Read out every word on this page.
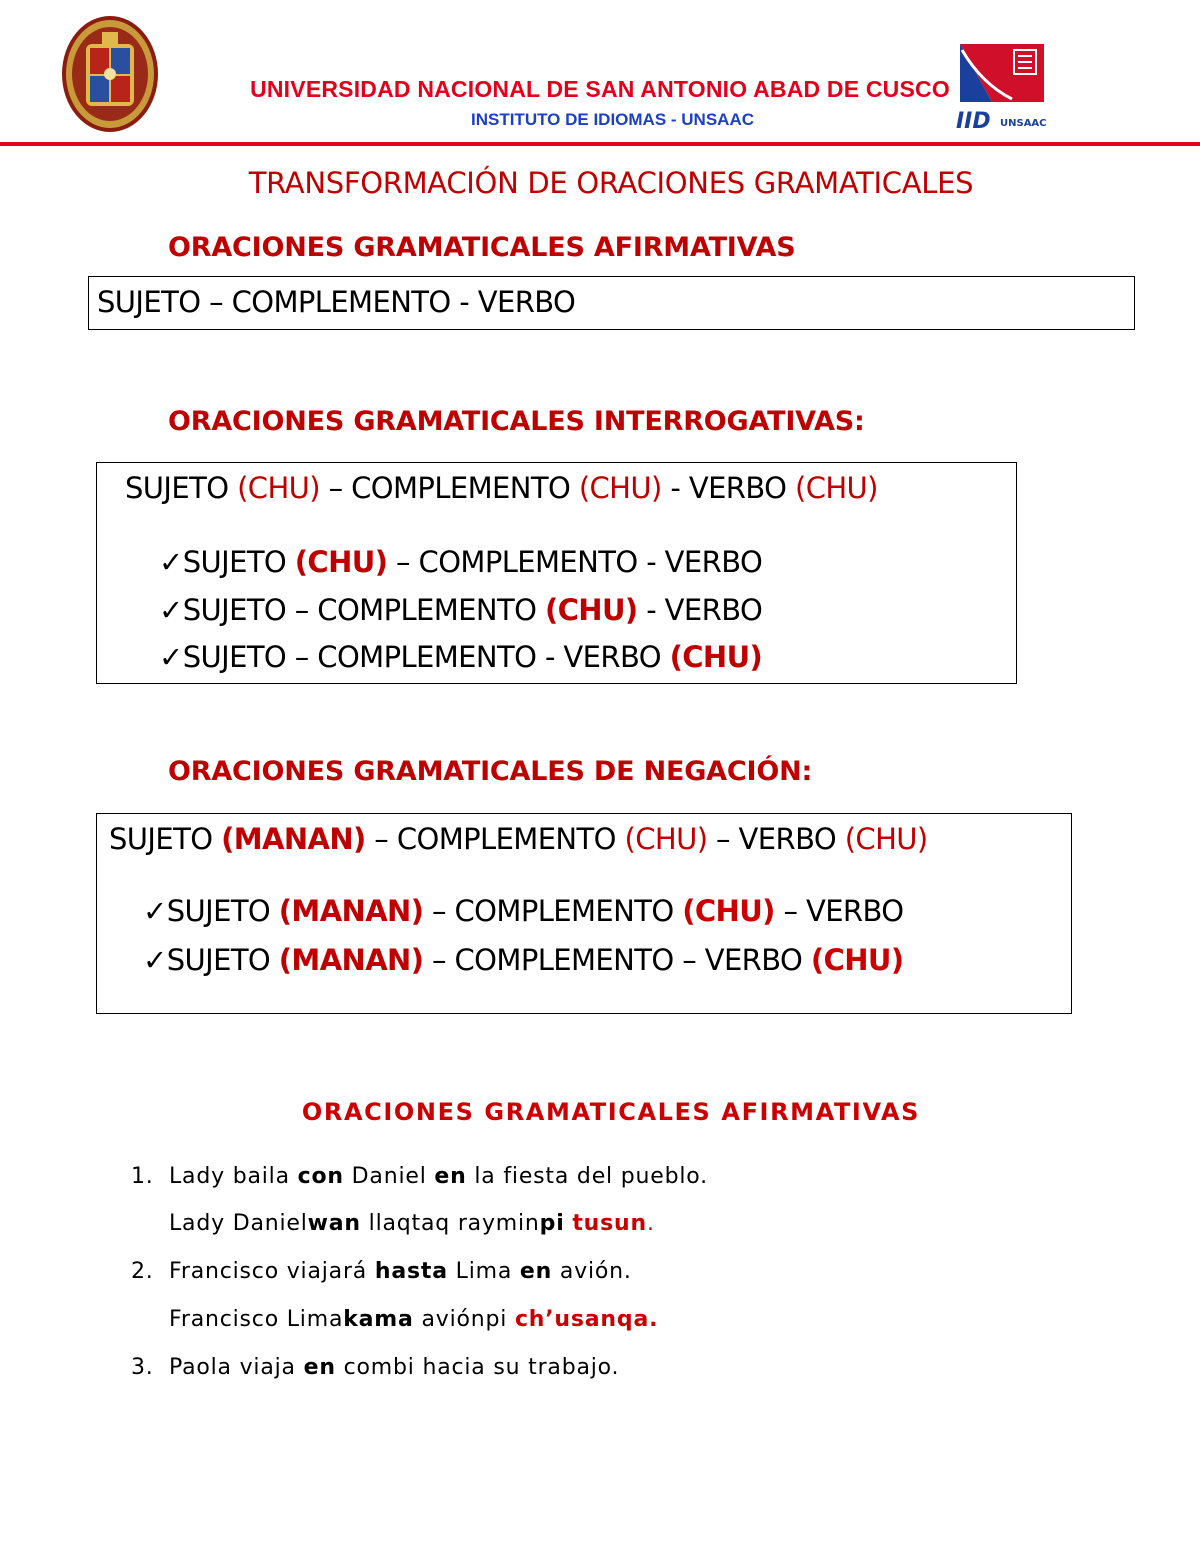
UNIVERSIDAD NACIONAL DE SAN ANTONIO ABAD DE CUSCO
INSTITUTO DE IDIOMAS - UNSAAC	IID UNSAAC
TRANSFORMACIÓN DE ORACIONES GRAMATICALES
ORACIONES GRAMATICALES AFIRMATIVAS
SUJETO – COMPLEMENTO - VERBO
ORACIONES GRAMATICALES INTERROGATIVAS:
SUJETO (CHU) – COMPLEMENTO (CHU) - VERBO (CHU)
✓SUJETO (CHU) – COMPLEMENTO - VERBO
✓SUJETO – COMPLEMENTO (CHU) - VERBO
✓SUJETO – COMPLEMENTO - VERBO (CHU)
ORACIONES GRAMATICALES DE NEGACIÓN:
SUJETO (MANAN) – COMPLEMENTO (CHU) – VERBO (CHU)
✓SUJETO (MANAN) – COMPLEMENTO (CHU) – VERBO
✓SUJETO (MANAN) – COMPLEMENTO – VERBO (CHU)
ORACIONES GRAMATICALES AFIRMATIVAS
1. Lady baila con Daniel en la fiesta del pueblo.
Lady Danielwan llaqtaq rayminpi tusun.
2. Francisco viajará hasta Lima en avión.
Francisco Limakama aviónpi ch’usanqa.
3. Paola viaja en combi hacia su trabajo.
